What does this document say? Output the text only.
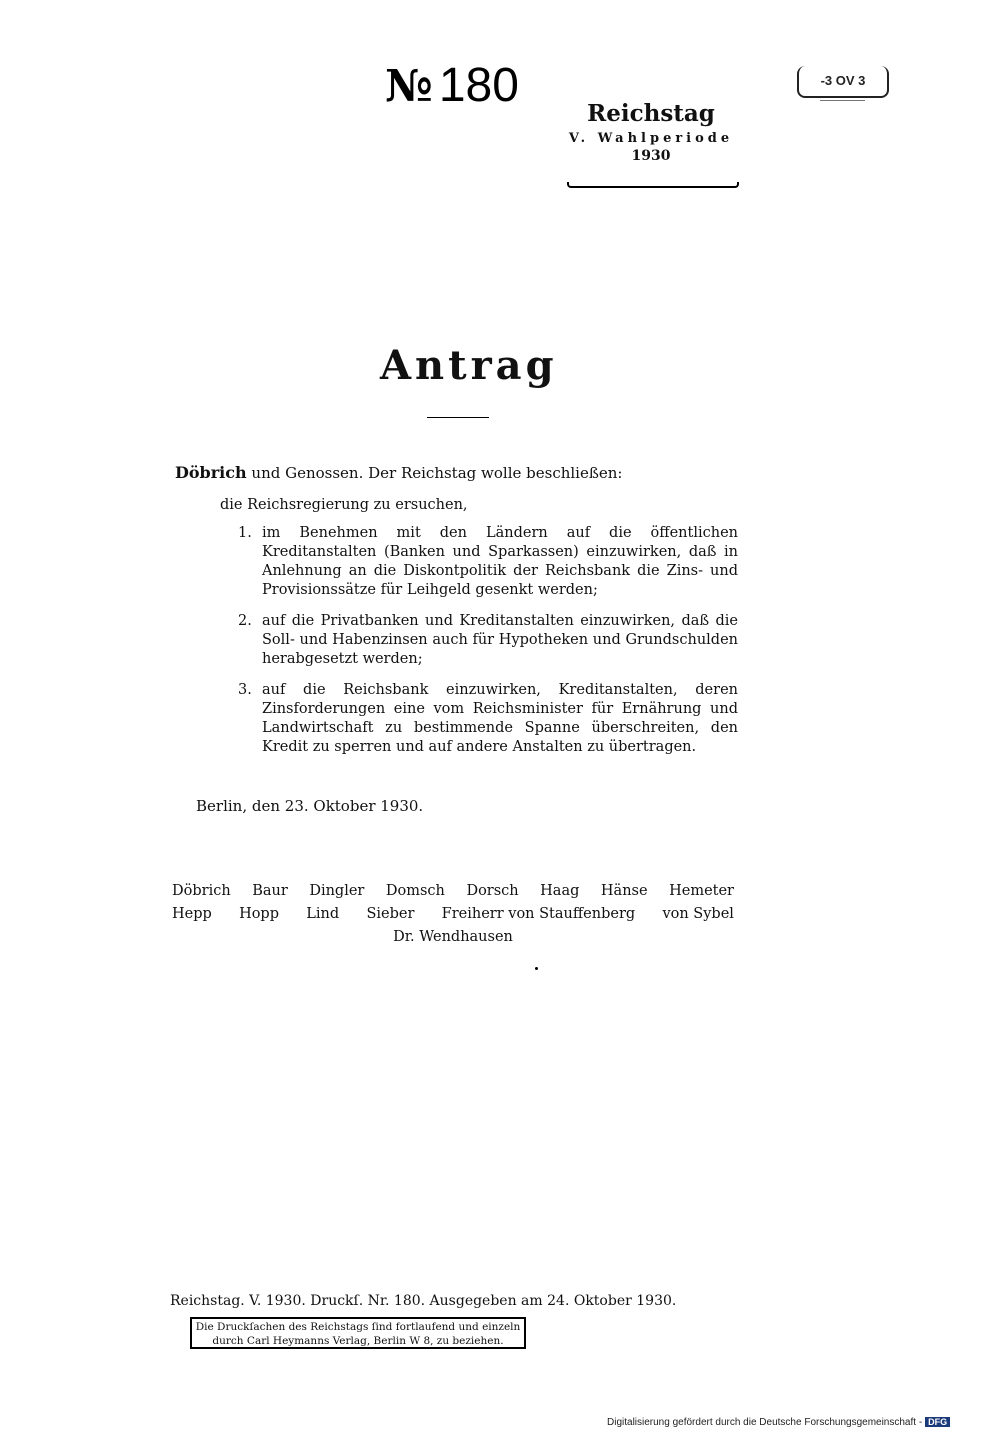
№ 180	-3 OV 3
Reichstag
V. Wahlperiode
1930
Antrag
Döbrich und Genossen. Der Reichstag wolle beschließen:
die Reichsregierung zu ersuchen,
1. im Benehmen mit den Ländern auf die öffentlichen Kreditanstalten (Banken und Sparkassen) einzuwirken, daß in Anlehnung an die Diskontpolitik der Reichsbank die Zins- und Provisionssätze für Leihgeld gesenkt werden;
2. auf die Privatbanken und Kreditanstalten einzuwirken, daß die Soll- und Habenzinsen auch für Hypotheken und Grundschulden herabgesetzt werden;
3. auf die Reichsbank einzuwirken, Kreditanstalten, deren Zinsforderungen eine vom Reichsminister für Ernährung und Landwirtschaft zu bestimmende Spanne überschreiten, den Kredit zu sperren und auf andere Anstalten zu übertragen.
Berlin, den 23. Oktober 1930.
Döbrich Baur Dingler Domsch Dorsch Haag Hänse Hemeter
Hepp Hopp Lind Sieber Freiherr von Stauffenberg von Sybel
Dr. Wendhausen
Reichstag. V. 1930. Druckſ. Nr. 180. Ausgegeben am 24. Oktober 1930.
Die Druckſachen des Reichstags ſind fortlaufend und einzeln
durch Carl Heymanns Verlag, Berlin W 8, zu beziehen.
Digitalisierung gefördert durch die Deutsche Forschungsgemeinschaft - DFG
